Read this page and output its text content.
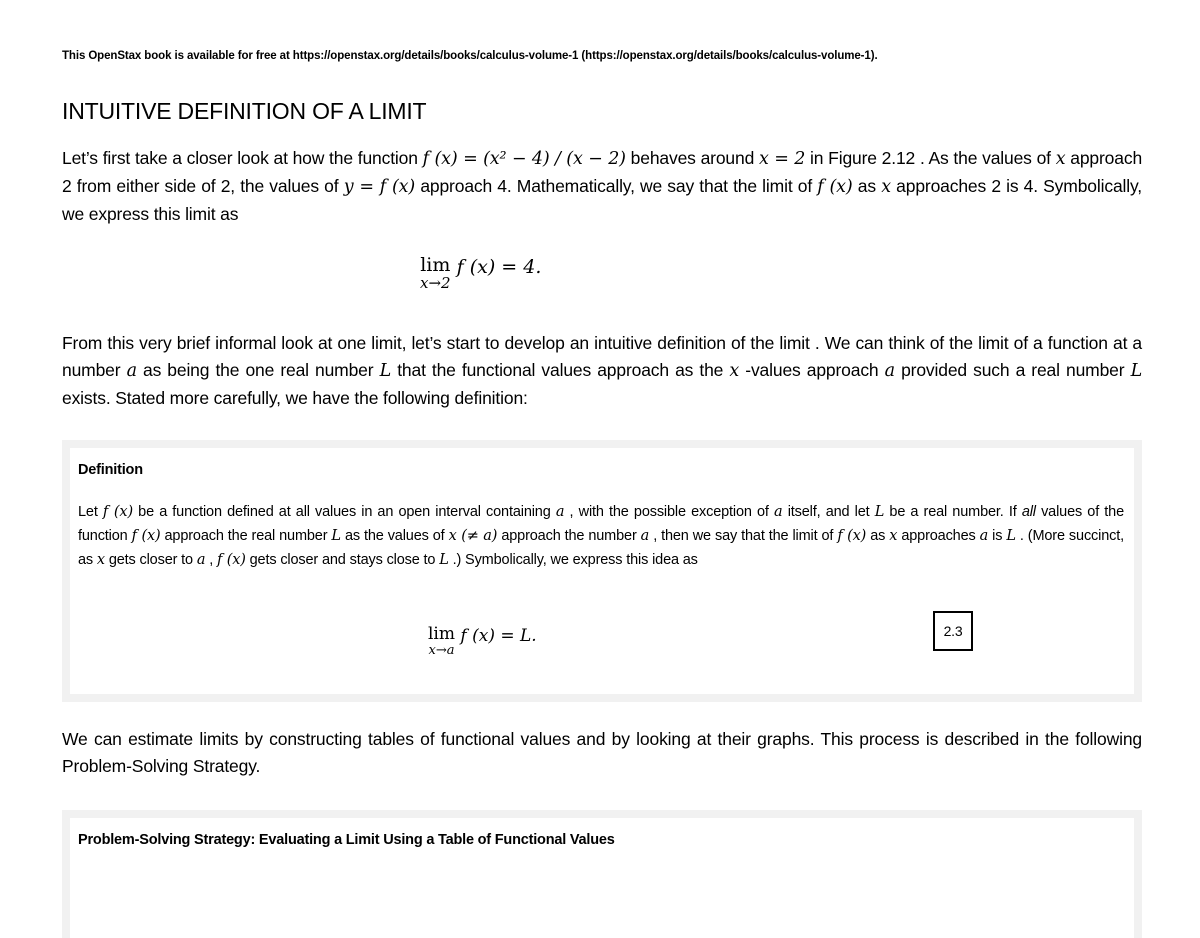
This OpenStax book is available for free at https://openstax.org/details/books/calculus-volume-1 (https://openstax.org/details/books/calculus-volume-1).
INTUITIVE DEFINITION OF A LIMIT
Let’s first take a closer look at how the function f (x) = (x² − 4) / (x − 2) behaves around x = 2 in Figure 2.12 . As the values of x approach 2 from either side of 2, the values of y = f (x) approach 4. Mathematically, we say that the limit of f (x) as x approaches 2 is 4. Symbolically, we express this limit as
lim
x→2
f (x) = 4.
From this very brief informal look at one limit, let’s start to develop an intuitive definition of the limit . We can think of the limit of a function at a number a as being the one real number L that the functional values approach as the x -values approach a provided such a real number L exists. Stated more carefully, we have the following definition:
Definition
Let f (x) be a function defined at all values in an open interval containing a , with the possible exception of a itself, and let L be a real number. If all values of the function f (x) approach the real number L as the values of x (≠ a) approach the number a , then we say that the limit of f (x) as x approaches a is L . (More succinct, as x gets closer to a , f (x) gets closer and stays close to L .) Symbolically, we express this idea as
lim
x→a
f (x) = L.	2.3
We can estimate limits by constructing tables of functional values and by looking at their graphs. This process is described in the following Problem-Solving Strategy.
Problem-Solving Strategy: Evaluating a Limit Using a Table of Functional Values
